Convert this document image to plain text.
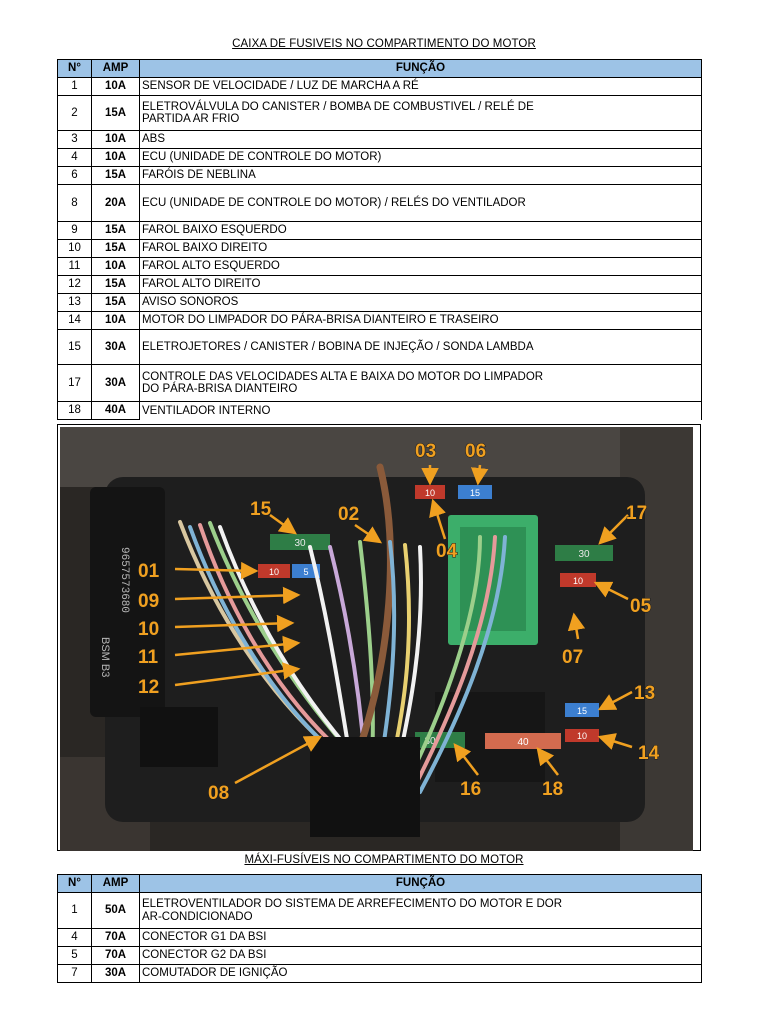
CAIXA DE FUSIVEIS NO COMPARTIMENTO DO MOTOR
N°	AMP	FUNÇÃO
1	10A	SENSOR DE VELOCIDADE / LUZ DE MARCHA A RÉ
2	15A	ELETROVÁLVULA DO CANISTER / BOMBA DE COMBUSTIVEL / RELÉ DE
PARTIDA AR FRIO

3	10A	ABS
4	10A	ECU (UNIDADE DE CONTROLE DO MOTOR)
6	15A	FARÓIS DE NEBLINA
8	20A	ECU (UNIDADE DE CONTROLE DO MOTOR) / RELÉS DO VENTILADOR
9	15A	FAROL BAIXO ESQUERDO
10	15A	FAROL BAIXO DIREITO
11	10A	FAROL ALTO ESQUERDO
12	15A	FAROL ALTO DIREITO
13	15A	AVISO SONOROS
14	10A	MOTOR DO LIMPADOR DO PÁRA-BRISA DIANTEIRO E TRASEIRO
15	30A	ELETROJETORES / CANISTER / BOBINA DE INJEÇÃO / SONDA LAMBDA
17	30A	CONTROLE DAS VELOCIDADES ALTA E BAIXA DO MOTOR DO LIMPADOR
DO PÁRA-BRISA DIANTEIRO

18	40A	VENTILADOR INTERNO
9657573680
BSM B3
30
30
10	5
10
10	15
15
10
30	40
03 06
15	02	17
01
04
09	05
10
07
11
12	13
14
08	16	18
MÁXI-FUSÍVEIS NO COMPARTIMENTO DO MOTOR
N°	AMP	FUNÇÃO
1	50A	ELETROVENTILADOR DO SISTEMA DE ARREFECIMENTO DO MOTOR E DOR
AR-CONDICIONADO

4	70A	CONECTOR G1 DA BSI
5	70A	CONECTOR G2 DA BSI
7	30A	COMUTADOR DE IGNIÇÃO
